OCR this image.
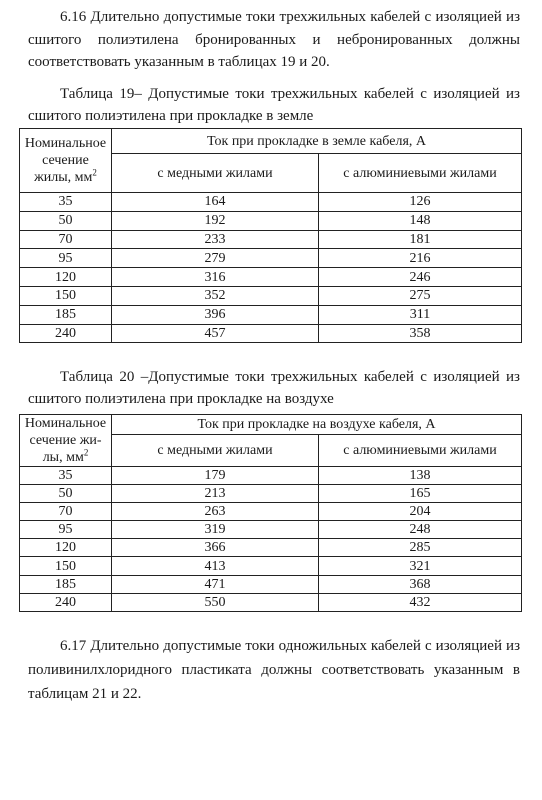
6.16 Длительно допустимые токи трехжильных кабелей с изоляцией из сшитого полиэтилена бронированных и небронированных должны соответствовать указанным в таблицах 19 и 20.
Таблица 19– Допустимые токи трехжильных кабелей с изоляцией из сшитого полиэтилена при прокладке в земле
Номинальное
сечение
жилы, $мм^2$	Ток при прокладке в земле кабеля, А	
	с медными жилами	с алюминиевыми жилами
35	164	126
50	192	148
70	233	181
95	279	216
120	316	246
150	352	275
185	396	311
240	457	358
Таблица 20 –Допустимые токи трехжильных кабелей с изоляцией из сшитого полиэтилена при прокладке на воздухе
Номинальное
сечение жи-
лы, $мм^2$	Ток при прокладке на воздухе кабеля, А	
	с медными жилами	с алюминиевыми жилами
35	179	138
50	213	165
70	263	204
95	319	248
120	366	285
150	413	321
185	471	368
240	550	432
6.17 Длительно допустимые токи одножильных кабелей с изоляцией из поливинилхлоридного пластиката должны соответствовать указанным в таблицам 21 и 22.
